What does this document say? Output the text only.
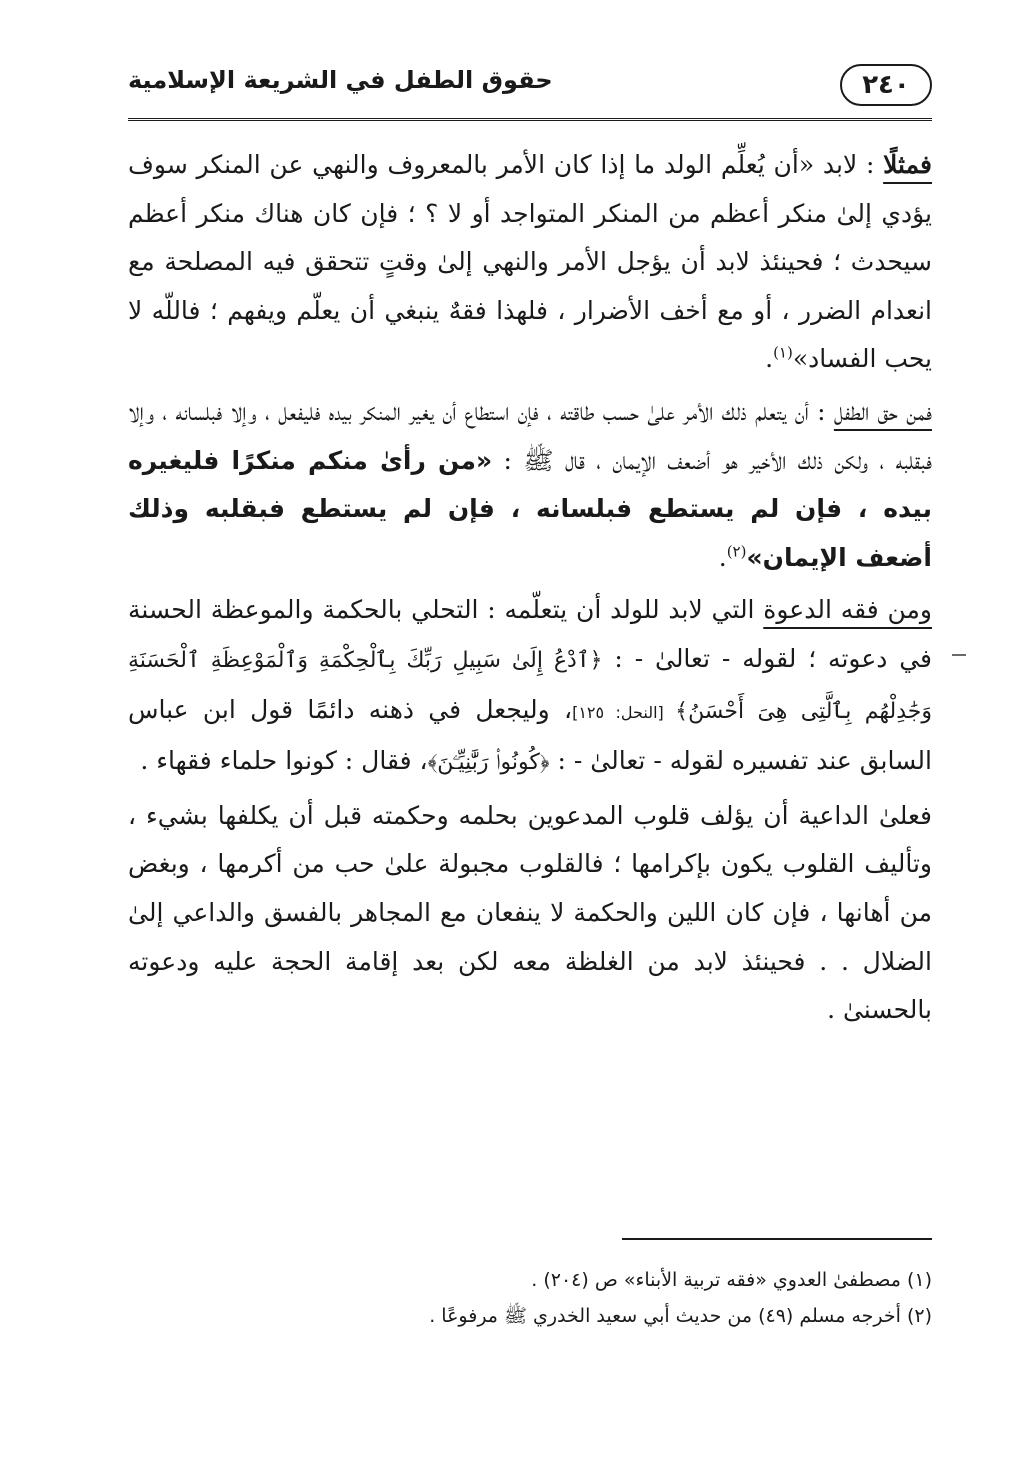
٢٤٠
حقوق الطفل في الشريعة الإسلامية

فمثلًا : لابد «أن يُعلِّم الولد ما إذا كان الأمر بالمعروف والنهي عن المنكر سوف يؤدي إلىٰ منكر أعظم من المنكر المتواجد أو لا ؟ ؛ فإن كان هناك منكر أعظم سيحدث ؛ فحينئذ لابد أن يؤجل الأمر والنهي إلىٰ وقتٍ تتحقق فيه المصلحة مع انعدام الضرر ، أو مع أخف الأضرار ، فلهذا فقهٌ ينبغي أن يعلّم ويفهم ؛ فاللّه لا يحب الفساد»$^{(١)}$.

فمن حق الطفل : أن يتعلم ذلك الأمر علىٰ حسب طاقته ، فإن استطاع أن يغير المنكر بيده فليفعل ، وإلا فبلسانه ، وإلا فبقلبه ، ولكن ذلك الأخير هو أضعف الإيمان ، قال ﷺ : «من رأىٰ منكم منكرًا فليغيره بيده ، فإن لم يستطع فبلسانه ، فإن لم يستطع فبقلبه وذلك أضعف الإيمان»$^{(٢)}$.

ومن فقه الدعوة التي لابد للولد أن يتعلّمه : التحلي بالحكمة والموعظة الحسنة في دعوته ؛ لقوله - تعالىٰ - : ﴿ٱدْعُ إِلَىٰ سَبِيلِ رَبِّكَ بِٱلْحِكْمَةِ وَٱلْمَوْعِظَةِ ٱلْحَسَنَةِ وَجَٰدِلْهُم بِٱلَّتِى هِىَ أَحْسَنُ﴾ [النحل: ١٢٥]، وليجعل في ذهنه دائمًا قول ابن عباس السابق عند تفسيره لقوله - تعالىٰ - : ﴿كُونُوا۟ رَبَّٰنِيِّـۧنَ﴾، فقال : كونوا حلماء فقهاء .

فعلىٰ الداعية أن يؤلف قلوب المدعوين بحلمه وحكمته قبل أن يكلفها بشيء ، وتأليف القلوب يكون بإكرامها ؛ فالقلوب مجبولة علىٰ حب من أكرمها ، وبغض من أهانها ، فإن كان اللين والحكمة لا ينفعان مع المجاهر بالفسق والداعي إلىٰ الضلال . . فحينئذ لابد من الغلظة معه لكن بعد إقامة الحجة عليه ودعوته بالحسنىٰ .

(١) مصطفىٰ العدوي «فقه تربية الأبناء» ص (٢٠٤) .

(٢) أخرجه مسلم (٤٩) من حديث أبي سعيد الخدري ﷺ مرفوعًا .
